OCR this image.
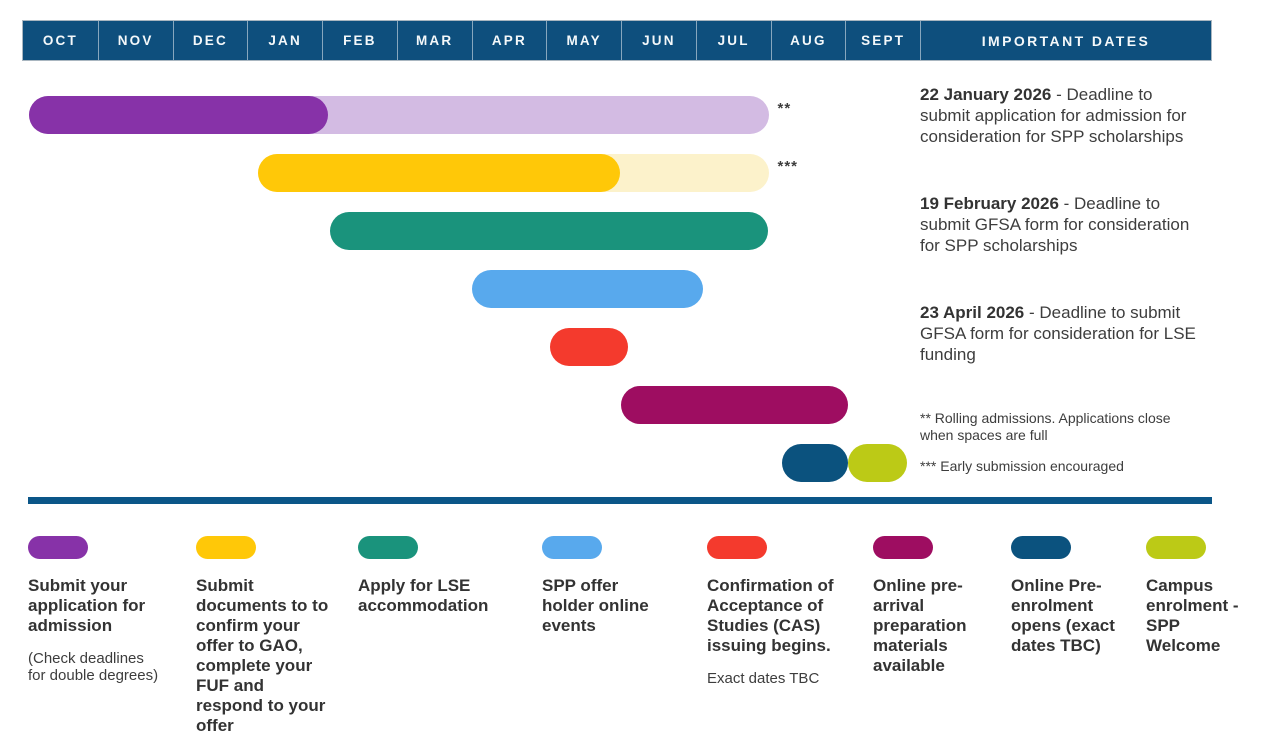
OCT	NOV	DEC	JAN	FEB	MAR	APR	MAY	JUN	JUL	AUG	SEPT	IMPORTANT DATES
**
***
22 January 2026 - Deadline to submit application for admission for consideration for SPP scholarships
19 February 2026 - Deadline to submit GFSA form for consideration for SPP scholarships
23 April 2026 - Deadline to submit GFSA form for consideration for LSE funding
** Rolling admissions. Applications close when spaces are full
*** Early submission encouraged
Submit your application for admission
(Check deadlines for double degrees)
Submit documents to to confirm your offer to GAO, complete your FUF and respond to your offer
Apply for LSE accommodation
SPP offer holder online events
Confirmation of Acceptance of Studies (CAS) issuing begins.
Exact dates TBC
Online pre-arrival preparation materials available
Online Pre-enrolment opens (exact dates TBC)
Campus enrolment - SPP Welcome
